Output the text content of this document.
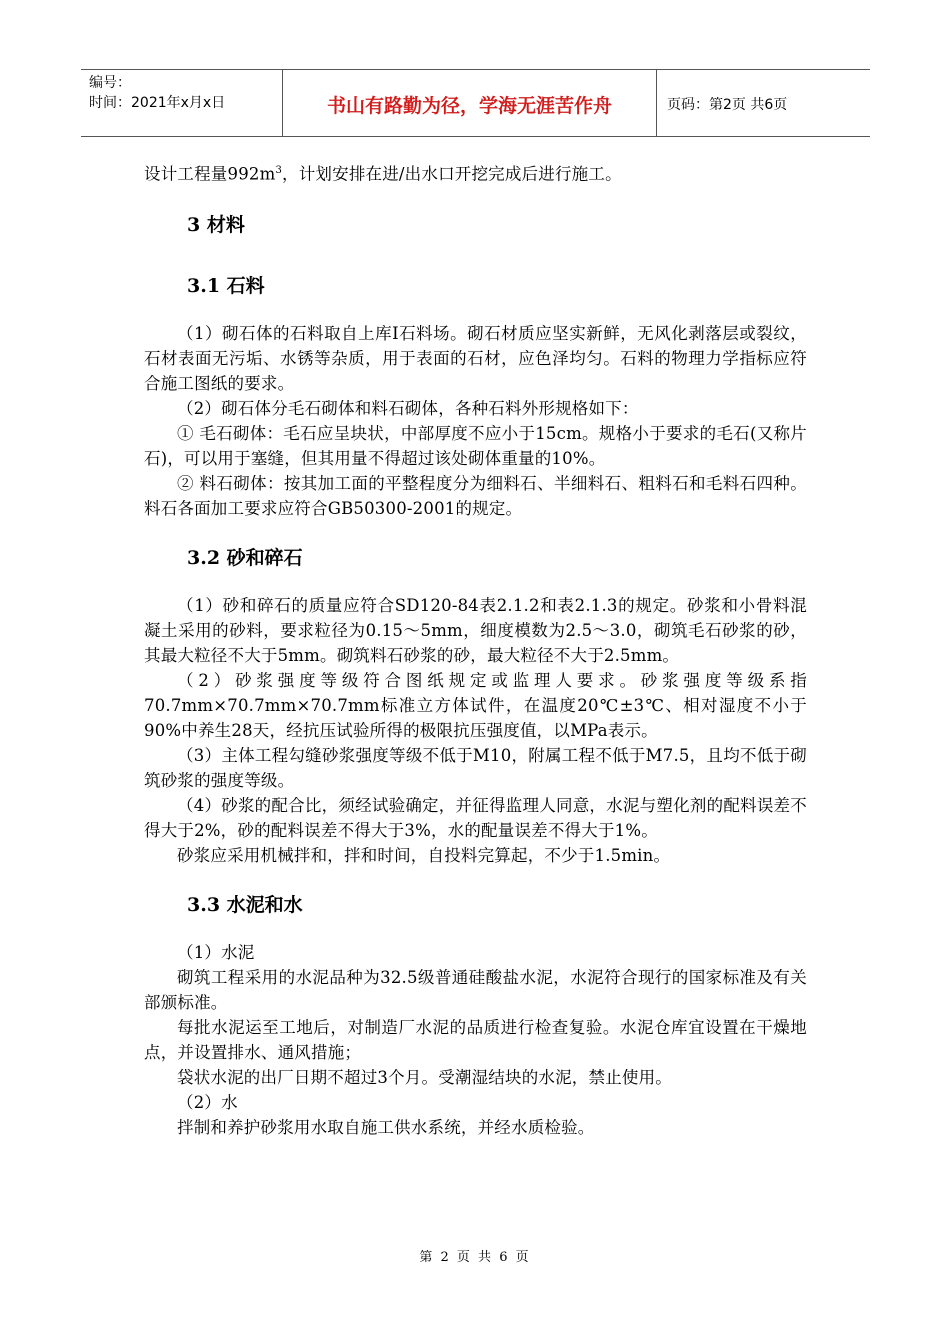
编号：
时间：2021年x月x日	书山有路勤为径，学海无涯苦作舟	页码：第2页 共6页

设计工程量$992m^3$，计划安排在进/出水口开挖完成后进行施工。

3 材料
3.1 石料

（1）砌石体的石料取自上库Ⅰ石料场。砌石材质应坚实新鲜，无风化剥落层或裂纹，石材表面无污垢、水锈等杂质，用于表面的石材，应色泽均匀。石料的物理力学指标应符合施工图纸的要求。

（2）砌石体分毛石砌体和料石砌体，各种石料外形规格如下：

① 毛石砌体：毛石应呈块状，中部厚度不应小于15cm。规格小于要求的毛石(又称片石)，可以用于塞缝，但其用量不得超过该处砌体重量的10%。

② 料石砌体：按其加工面的平整程度分为细料石、半细料石、粗料石和毛料石四种。料石各面加工要求应符合GB50300-2001的规定。

3.2 砂和碎石

（1）砂和碎石的质量应符合SD120-84表2.1.2和表2.1.3的规定。砂浆和小骨料混凝土采用的砂料，要求粒径为0.15～5mm，细度模数为2.5～3.0，砌筑毛石砂浆的砂，其最大粒径不大于5mm。砌筑料石砂浆的砂，最大粒径不大于2.5mm。

（2）砂浆强度等级符合图纸规定或监理人要求。砂浆强度等级系指70.7mm×70.7mm×70.7mm标准立方体试件，在温度20℃±3℃、相对湿度不小于90%中养生28天，经抗压试验所得的极限抗压强度值，以MPa表示。

（3）主体工程勾缝砂浆强度等级不低于M10，附属工程不低于M7.5，且均不低于砌筑砂浆的强度等级。

（4）砂浆的配合比，须经试验确定，并征得监理人同意，水泥与塑化剂的配料误差不得大于2%，砂的配料误差不得大于3%，水的配量误差不得大于1%。

砂浆应采用机械拌和，拌和时间，自投料完算起，不少于1.5min。

3.3 水泥和水

（1）水泥

砌筑工程采用的水泥品种为32.5级普通硅酸盐水泥，水泥符合现行的国家标准及有关部颁标准。

每批水泥运至工地后，对制造厂水泥的品质进行检查复验。水泥仓库宜设置在干燥地点，并设置排水、通风措施；

袋状水泥的出厂日期不超过3个月。受潮湿结块的水泥，禁止使用。

（2）水

拌制和养护砂浆用水取自施工供水系统，并经水质检验。

第 2 页 共 6 页
